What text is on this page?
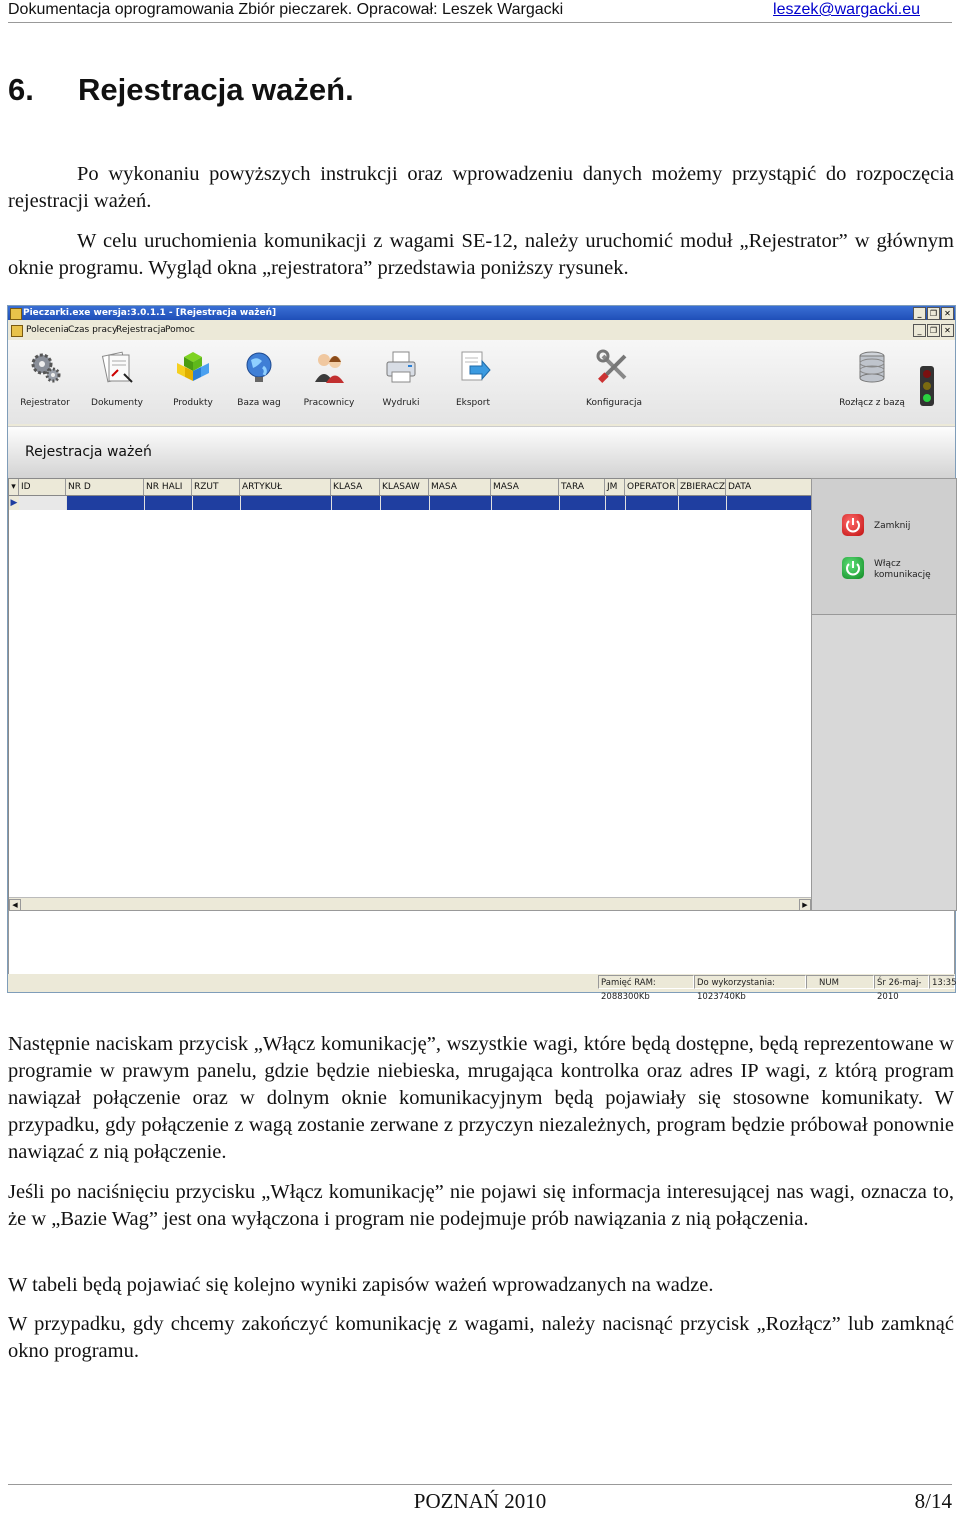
Dokumentacja oprogramowania Zbiór pieczarek. Opracował: Leszek Wargacki	leszek@wargacki.eu
6. Rejestracja ważeń.
Po wykonaniu powyższych instrukcji oraz wprowadzeniu danych możemy przystąpić do rozpoczęcia rejestracji ważeń.
W celu uruchomienia komunikacji z wagami SE-12, należy uruchomić moduł „Rejestrator” w głównym oknie programu. Wygląd okna „rejestratora” przedstawia poniższy rysunek.
Pieczarki.exe wersja:3.0.1.1 - [Rejestracja ważeń]	_	❐ ✕
Polecenia Czas pracy
Rejestracja Pomoc	_	❐ ✕
Rejestrator	Dokumenty	Produkty	Baza wag	Pracownicy	Wydruki	Eksport	Konfiguracja	Rozłącz z bazą
Rejestracja ważeń
▾ ID	NR D	NR HALI	RZUT	ARTYKUŁ	KLASA	KLASAW	MASA	MASA	TARA	JM	OPERATOR ZBIERACZ DATA
▶
◀	▶
Zamknij
Włącz komunikację
Pamięć RAM: 2088300Kb
Do wykorzystania: 1023740Kb
NUM	Śr 26-maj-2010
13:35
Następnie naciskam przycisk „Włącz komunikację”, wszystkie wagi, które będą dostępne, będą reprezentowane w programie w prawym panelu, gdzie będzie niebieska, mrugająca kontrolka oraz adres IP wagi, z którą program nawiązał połączenie oraz w dolnym oknie komunikacyjnym będą pojawiały się stosowne komunikaty. W przypadku, gdy połączenie z wagą zostanie zerwane z przyczyn niezależnych, program będzie próbował ponownie nawiązać z nią połączenie.
Jeśli po naciśnięciu przycisku „Włącz komunikację” nie pojawi się informacja interesującej nas wagi, oznacza to, że w „Bazie Wag” jest ona wyłączona i program nie podejmuje prób nawiązania z nią połączenia.
W tabeli będą pojawiać się kolejno wyniki zapisów ważeń wprowadzanych na wadze.
W przypadku, gdy chcemy zakończyć komunikację z wagami, należy nacisnąć przycisk „Rozłącz” lub zamknąć okno programu.
POZNAŃ 2010	8/14
